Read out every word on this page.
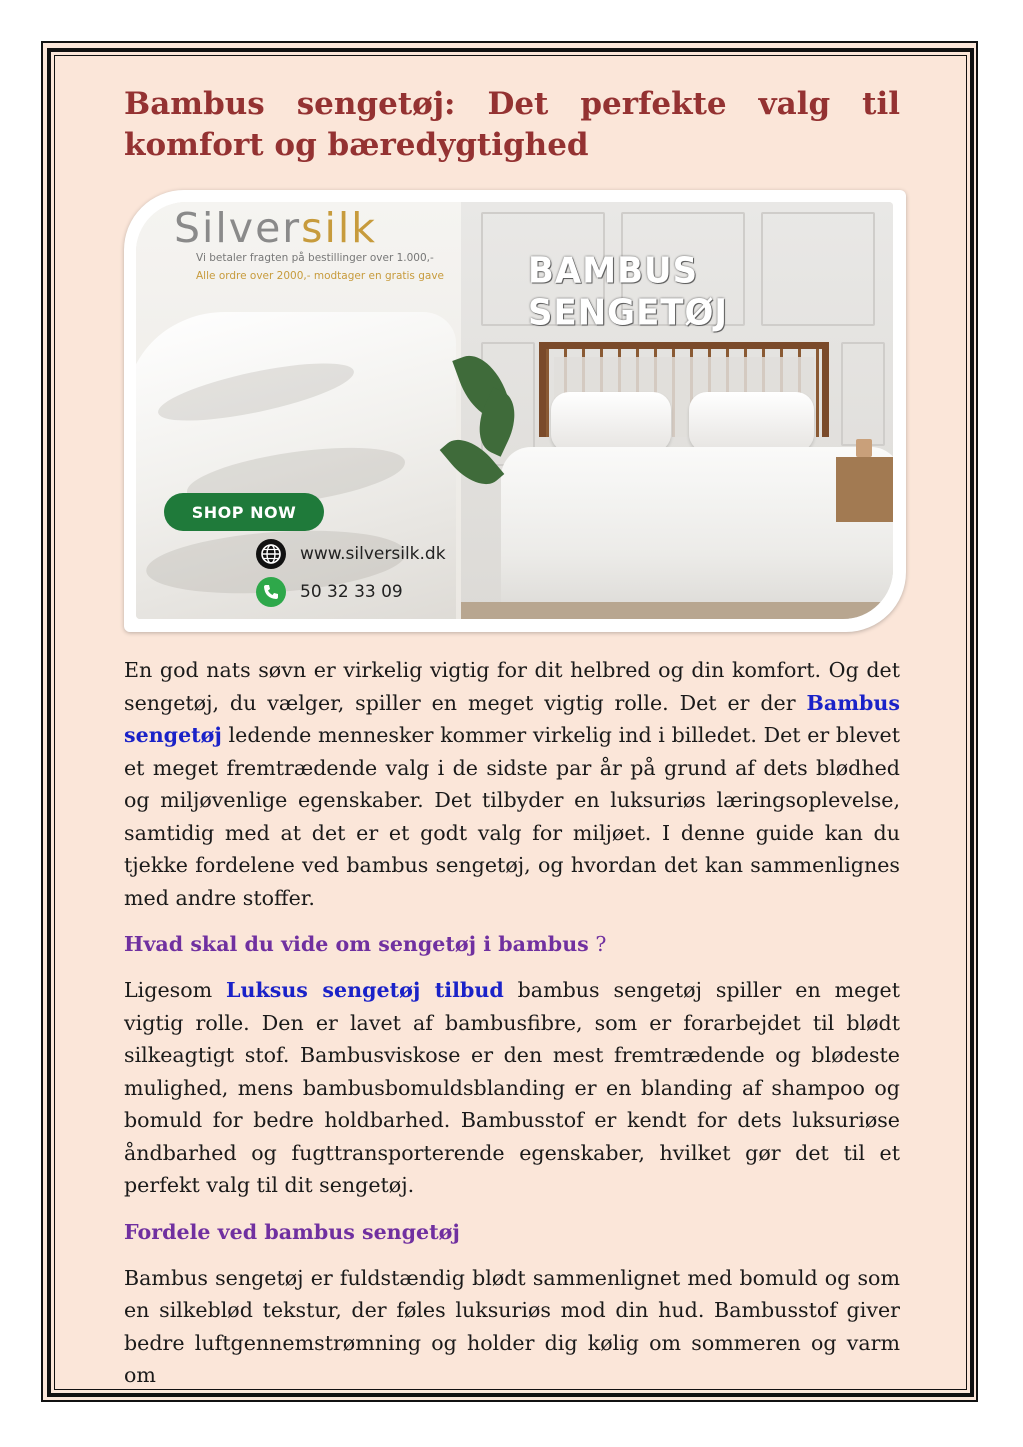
Bambus sengetøj: Det perfekte valg til komfort og bæredygtighed
Silversilk
Vi betaler fragten på bestillinger over 1.000,-
Alle ordre over 2000,- modtager en gratis gave BAMBUS SENGETØJ
SHOP NOW
www.silversilk.dk
50 32 33 09

En god nats søvn er virkelig vigtig for dit helbred og din komfort. Og det sengetøj, du vælger, spiller en meget vigtig rolle. Det er der Bambus sengetøj ledende mennesker kommer virkelig ind i billedet. Det er blevet et meget fremtrædende valg i de sidste par år på grund af dets blødhed og miljøvenlige egenskaber. Det tilbyder en luksuriøs læringsoplevelse, samtidig med at det er et godt valg for miljøet. I denne guide kan du tjekke fordelene ved bambus sengetøj, og hvordan det kan sammenlignes med andre stoffer.

Hvad skal du vide om sengetøj i bambus ?

Ligesom Luksus sengetøj tilbud bambus sengetøj spiller en meget vigtig rolle. Den er lavet af bambusfibre, som er forarbejdet til blødt silkeagtigt stof. Bambusviskose er den mest fremtrædende og blødeste mulighed, mens bambusbomuldsblanding er en blanding af shampoo og bomuld for bedre holdbarhed. Bambusstof er kendt for dets luksuriøse åndbarhed og fugttransporterende egenskaber, hvilket gør det til et perfekt valg til dit sengetøj.

Fordele ved bambus sengetøj

Bambus sengetøj er fuldstændig blødt sammenlignet med bomuld og som en silkeblød tekstur, der føles luksuriøs mod din hud. Bambusstof giver bedre luftgennemstrømning og holder dig kølig om sommeren og varm om
